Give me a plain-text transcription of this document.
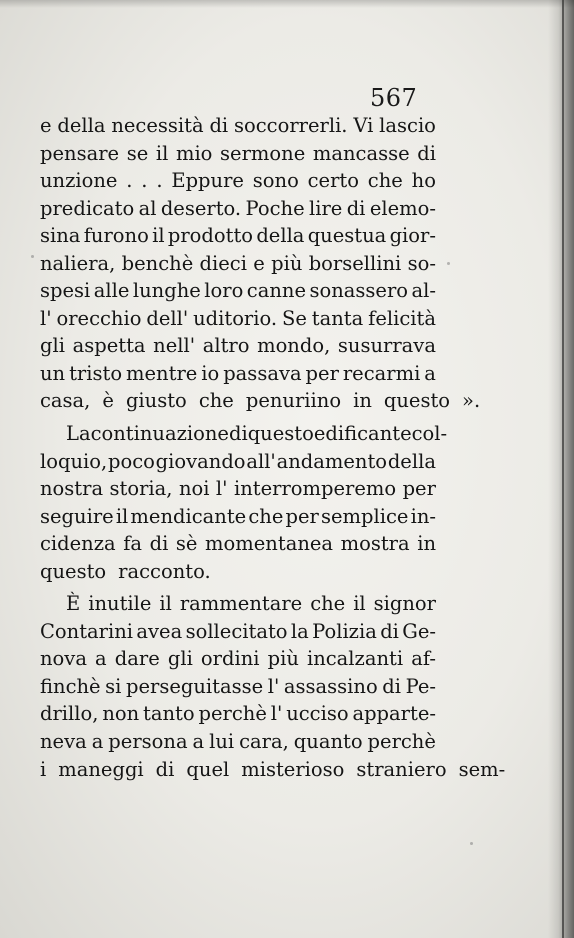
567
e della necessità di soccorrerli. Vi lascio
pensare se il mio sermone mancasse di
unzione . . . Eppure sono certo che ho
predicato al deserto. Poche lire di elemo-
sina furono il prodotto della questua gior-
naliera, benchè dieci e più borsellini so-
spesi alle lunghe loro canne sonassero al-
l' orecchio dell' uditorio. Se tanta felicità
gli aspetta nell' altro mondo, susurrava
un tristo mentre io passava per recarmi a
casa, è giusto che penuriino in questo ».
La continuazione di questo edificante col-
loquio, poco giovando all' andamento della
nostra storia, noi l' interromperemo per
seguire il mendicante che per semplice in-
cidenza fa di sè momentanea mostra in
questo racconto.
È inutile il rammentare che il signor
Contarini avea sollecitato la Polizia di Ge-
nova a dare gli ordini più incalzanti af-
finchè si perseguitasse l' assassino di Pe-
drillo, non tanto perchè l' ucciso apparte-
neva a persona a lui cara, quanto perchè
i maneggi di quel misterioso straniero sem-
